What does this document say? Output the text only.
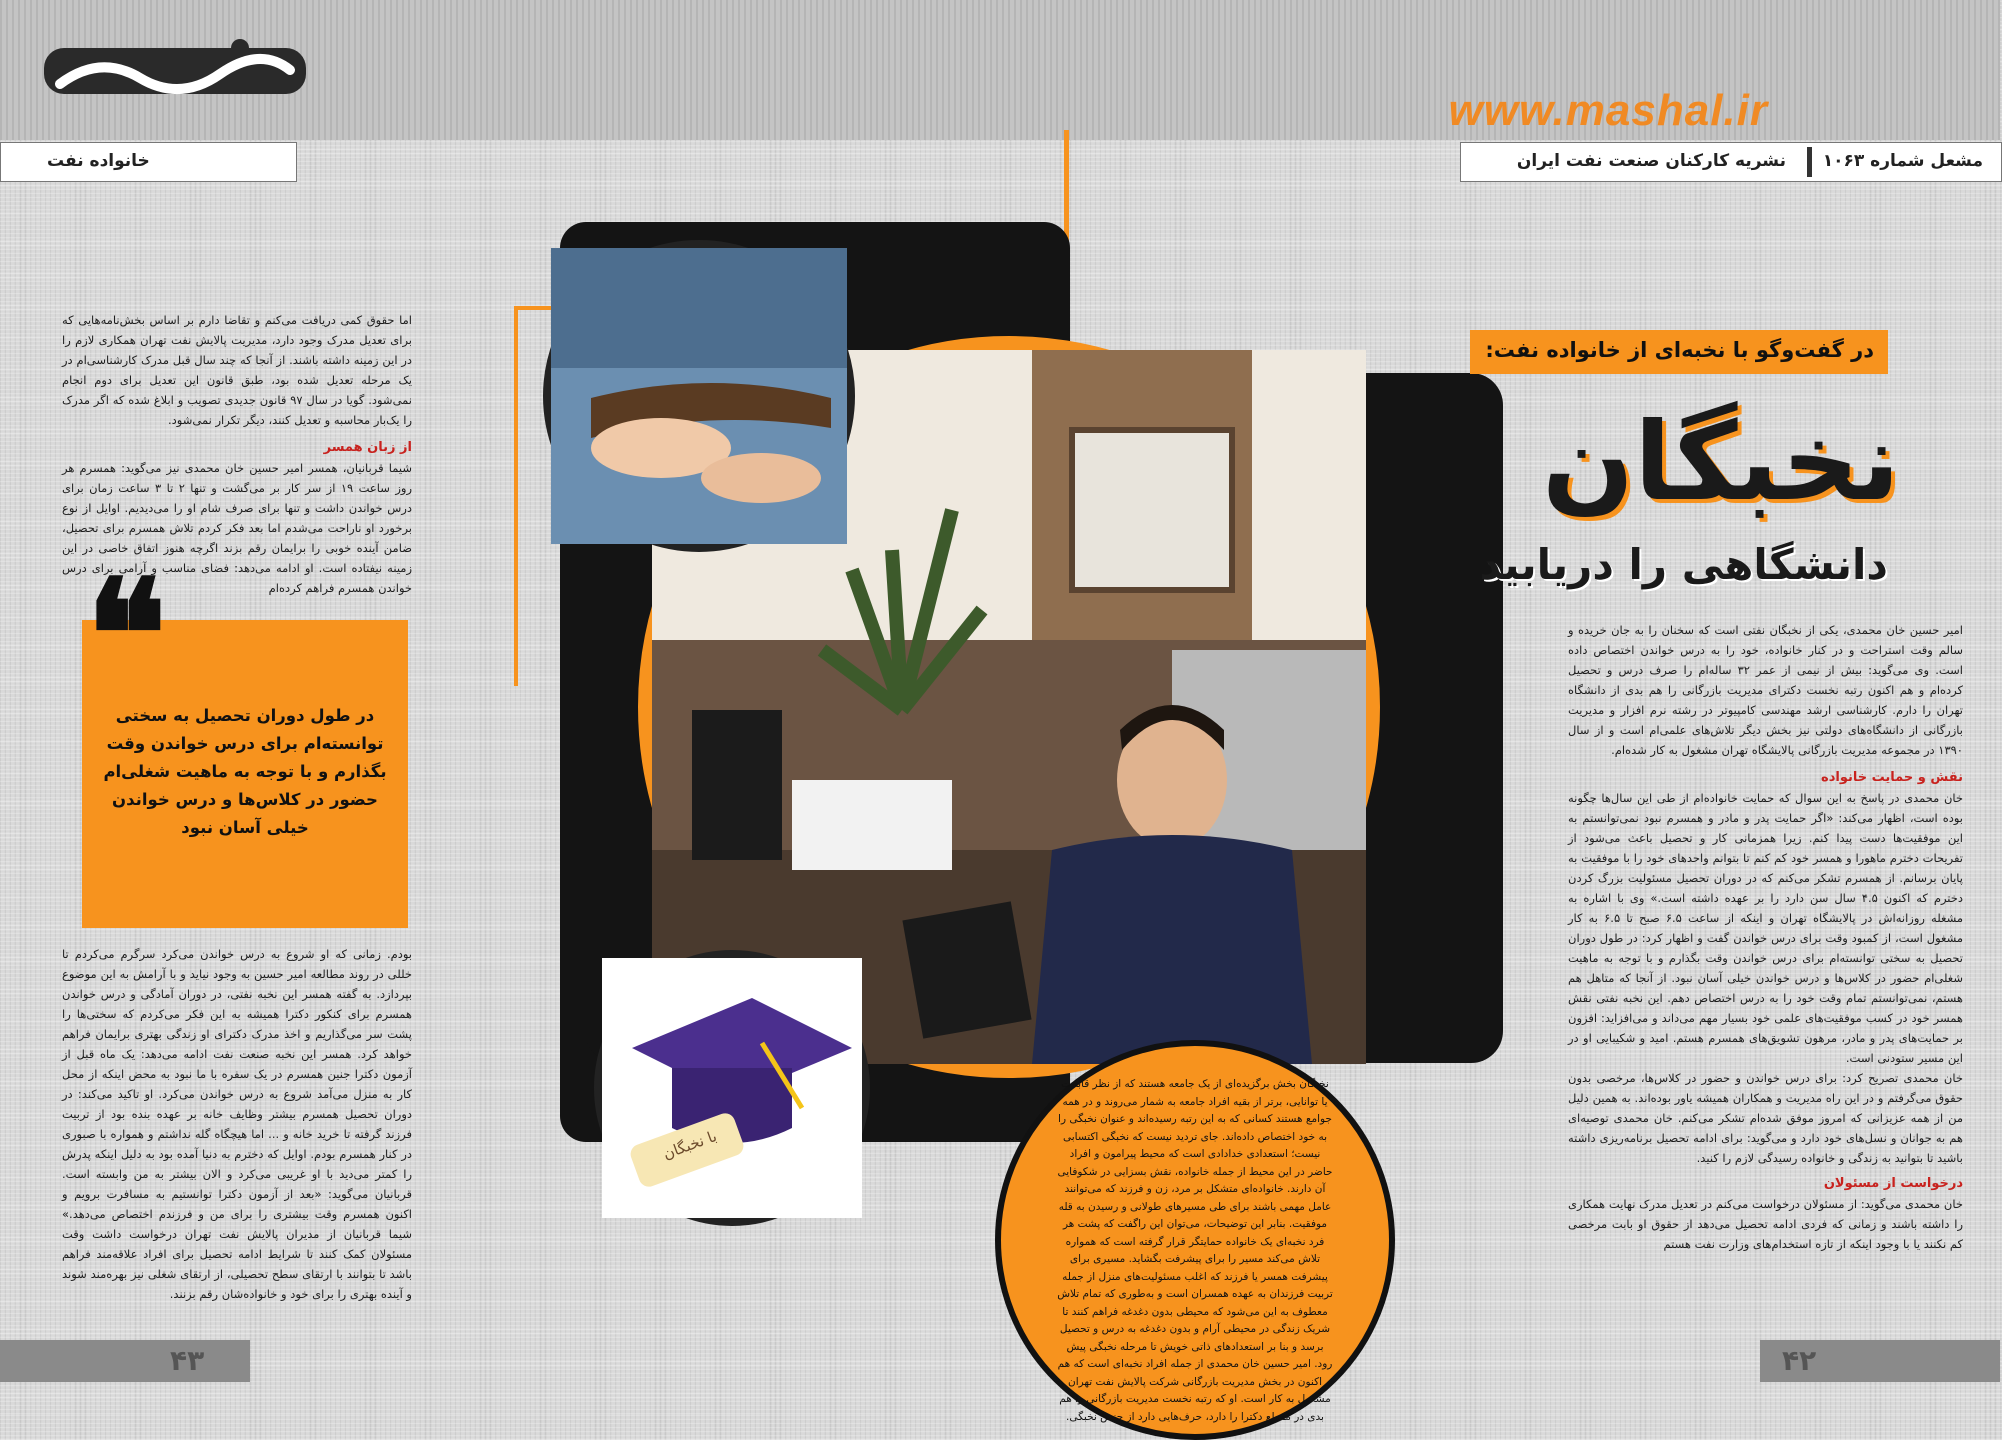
www.mashal.ir
خانواده نفت	مشعل شماره ۱۰۶۳
نشریه کارکنان صنعت نفت ایران
با نخبگان
نخبگان بخش برگزیده‌ای از یک جامعه هستند که از نظر قابلیت یا توانایی، برتر از بقیه افراد جامعه به شمار می‌روند و در همه جوامع هستند کسانی که به این رتبه رسیده‌اند و عنوان نخبگی را به خود اختصاص داده‌اند. جای تردید نیست که نخبگی اکتسابی نیست؛ استعدادی خدادادی است که محیط پیرامون و افراد حاضر در این محیط از جمله خانواده، نقش بسزایی در شکوفایی آن دارند. خانواده‌ای متشکل بر مرد، زن و فرزند که می‌توانند عامل مهمی باشند برای طی مسیرهای طولانی و رسیدن به قله موفقیت. بنابر این توضیحات، می‌توان این راگفت که پشت هر فرد نخبه‌ای یک خانواده حمایتگر قرار گرفته است که همواره تلاش می‌کند مسیر را برای پیشرفت بگشاید. مسیری برای پیشرفت همسر یا فرزند که اغلب مسئولیت‌های منزل از جمله تربیت فرزندان به عهده همسران است و به‌طوری که تمام تلاش معطوف به این می‌شود که محیطی بدون دغدغه فراهم کنند تا شریک زندگی در محیطی آرام و بدون دغدغه به درس و تحصیل برسد و بنا بر استعدادهای ذاتی خویش تا مرحله نخبگی پیش رود. امیر حسین خان محمدی از جمله افراد نخبه‌ای است که هم اکنون در بخش مدیریت بازرگانی شرکت پالایش نفت تهران مشغول به کار است. او که رتبه نخست مدیریت بازرگانی را هم بدی در مقطع دکترا را دارد، حرف‌هایی دارد از جنس نخبگی.
در گفت‌وگو با نخبه‌ای از خانواده نفت:
نخبگان
دانشگاهی را دریابید
امیر حسین خان محمدی، یکی از نخبگان نفتی است که سخنان را به جان خریده و سالم وقت استراحت و در کنار خانواده، خود را به درس خواندن اختصاص داده است. وی می‌گوید: بیش از نیمی از عمر ۳۲ ساله‌ام را صرف درس و تحصیل کرده‌ام و هم اکنون رتبه نخست دکترای مدیریت بازرگانی را هم بدی از دانشگاه تهران را دارم. کارشناسی ارشد مهندسی کامپیوتر در رشته نرم افزار و مدیریت بازرگانی از دانشگاه‌های دولتی نیز بخش دیگر تلاش‌های علمی‌ام است و از سال ۱۳۹۰ در مجموعه مدیریت بازرگانی پالایشگاه تهران مشغول به کار شده‌ام.
نقش و حمایت خانواده
خان محمدی در پاسخ به این سوال که حمایت خانواده‌ام از طی این سال‌ها چگونه بوده است، اظهار می‌کند: «اگر حمایت پدر و مادر و همسرم نبود نمی‌توانستم به این موفقیت‌ها دست پیدا کنم. زیرا همزمانی کار و تحصیل باعث می‌شود از تفریحات دخترم ماهورا و همسر خود کم کنم تا بتوانم واحدهای خود را با موفقیت به پایان برسانم. از همسرم تشکر می‌کنم که در دوران تحصیل مسئولیت بزرگ کردن دخترم که اکنون ۴.۵ سال سن دارد را بر عهده داشته است.» وی با اشاره به مشغله روزانه‌اش در پالایشگاه تهران و اینکه از ساعت ۶.۵ صبح تا ۶.۵ به کار مشغول است، از کمبود وقت برای درس خواندن گفت و اظهار کرد: در طول دوران تحصیل به سختی توانسته‌ام برای درس خواندن وقت بگذارم و با توجه به ماهیت شغلی‌ام حضور در کلاس‌ها و درس خواندن خیلی آسان نبود. از آنجا که متاهل هم هستم، نمی‌توانستم تمام وقت خود را به درس اختصاص دهم. این نخبه نفتی نقش همسر خود در کسب موفقیت‌های علمی خود بسیار مهم می‌داند و می‌افزاید: افزون بر حمایت‌های پدر و مادر، مرهون تشویق‌های همسرم هستم. امید و شکیبایی او در این مسیر ستودنی است.
خان محمدی تصریح کرد: برای درس خواندن و حضور در کلاس‌ها، مرخصی بدون حقوق می‌گرفتم و در این راه مدیریت و همکاران همیشه یاور بوده‌اند. به همین دلیل من از همه عزیزانی که امروز موفق شده‌ام تشکر می‌کنم. خان محمدی توصیه‌ای هم به جوانان و نسل‌های خود دارد و می‌گوید: برای ادامه تحصیل برنامه‌ریزی داشته باشید تا بتوانید به زندگی و خانواده رسیدگی لازم را کنید.
درخواست از مسئولان
خان محمدی می‌گوید: از مسئولان درخواست می‌کنم در تعدیل مدرک نهایت همکاری را داشته باشند و زمانی که فردی ادامه تحصیل می‌دهد از حقوق او بابت مرخصی کم نکنند یا با وجود اینکه از تازه استخدام‌های وزارت نفت هستم
اما حقوق کمی دریافت می‌کنم و تقاضا دارم بر اساس بخش‌نامه‌هایی که برای تعدیل مدرک وجود دارد، مدیریت پالایش نفت تهران همکاری لازم را در این زمینه داشته باشند. از آنجا که چند سال قبل مدرک کارشناسی‌ام در یک مرحله تعدیل شده بود، طبق قانون این تعدیل برای دوم انجام نمی‌شود. گویا در سال ۹۷ قانون جدیدی تصویب و ابلاغ شده که اگر مدرک را یک‌بار محاسبه و تعدیل کنند، دیگر تکرار نمی‌شود.
از زبان همسر
شیما قربانیان، همسر امیر حسین خان محمدی نیز می‌گوید: همسرم هر روز ساعت ۱۹ از سر کار بر می‌گشت و تنها ۲ تا ۳ ساعت زمان برای درس خواندن داشت و تنها برای صرف شام او را می‌دیدیم. اوایل از نوع برخورد او ناراحت می‌شدم اما بعد فکر کردم تلاش همسرم برای تحصیل، ضامن آینده خوبی را برایمان رقم بزند اگرچه هنوز اتفاق خاصی در این زمینه نیفتاده است. او ادامه می‌دهد: فضای مناسب و آرامی برای درس خواندن همسرم فراهم کرده‌ام
در طول دوران تحصیل به سختی توانسته‌ام برای درس خواندن وقت بگذارم و با توجه به ماهیت شغلی‌ام حضور در کلاس‌ها و درس خواندن خیلی آسان نبود
❝
بودم. زمانی که او شروع به درس خواندن می‌کرد سرگرم می‌کردم تا خللی در روند مطالعه امیر حسین به وجود نیاید و با آرامش به این موضوع بپردازد. به گفته همسر این نخبه نفتی، در دوران آمادگی و درس خواندن همسرم برای کنکور دکترا همیشه به این فکر می‌کردم که سختی‌ها را پشت سر می‌گذاریم و اخذ مدرک دکترای او زندگی بهتری برایمان فراهم خواهد کرد. همسر این نخبه صنعت نفت ادامه می‌دهد: یک ماه قبل از آزمون دکترا جنین همسرم در یک سفره با ما نبود به محض اینکه از محل کار به منزل می‌آمد شروع به درس خواندن می‌کرد. او تاکید می‌کند: در دوران تحصیل همسرم بیشتر وظایف خانه بر عهده بنده بود از تربیت فرزند گرفته تا خرید خانه و ... اما هیچگاه گله نداشتم و همواره با صبوری در کنار همسرم بودم. اوایل که دخترم به دنیا آمده بود به دلیل اینکه پدرش را کمتر می‌دید با او غریبی می‌کرد و الان بیشتر به من وابسته است. قربانیان می‌گوید: «بعد از آزمون دکترا توانستیم به مسافرت برویم و اکنون همسرم وقت بیشتری را برای من و فرزندم اختصاص می‌دهد.» شیما قربانیان از مدیران پالایش نفت تهران درخواست داشت وقت مسئولان کمک کنند تا شرایط ادامه تحصیل برای افراد علاقه‌مند فراهم باشد تا بتوانند با ارتقای سطح تحصیلی، از ارتقای شغلی نیز بهره‌مند شوند و آینده بهتری را برای خود و خانواده‌شان رقم بزنند.
۴۳	۴۲
